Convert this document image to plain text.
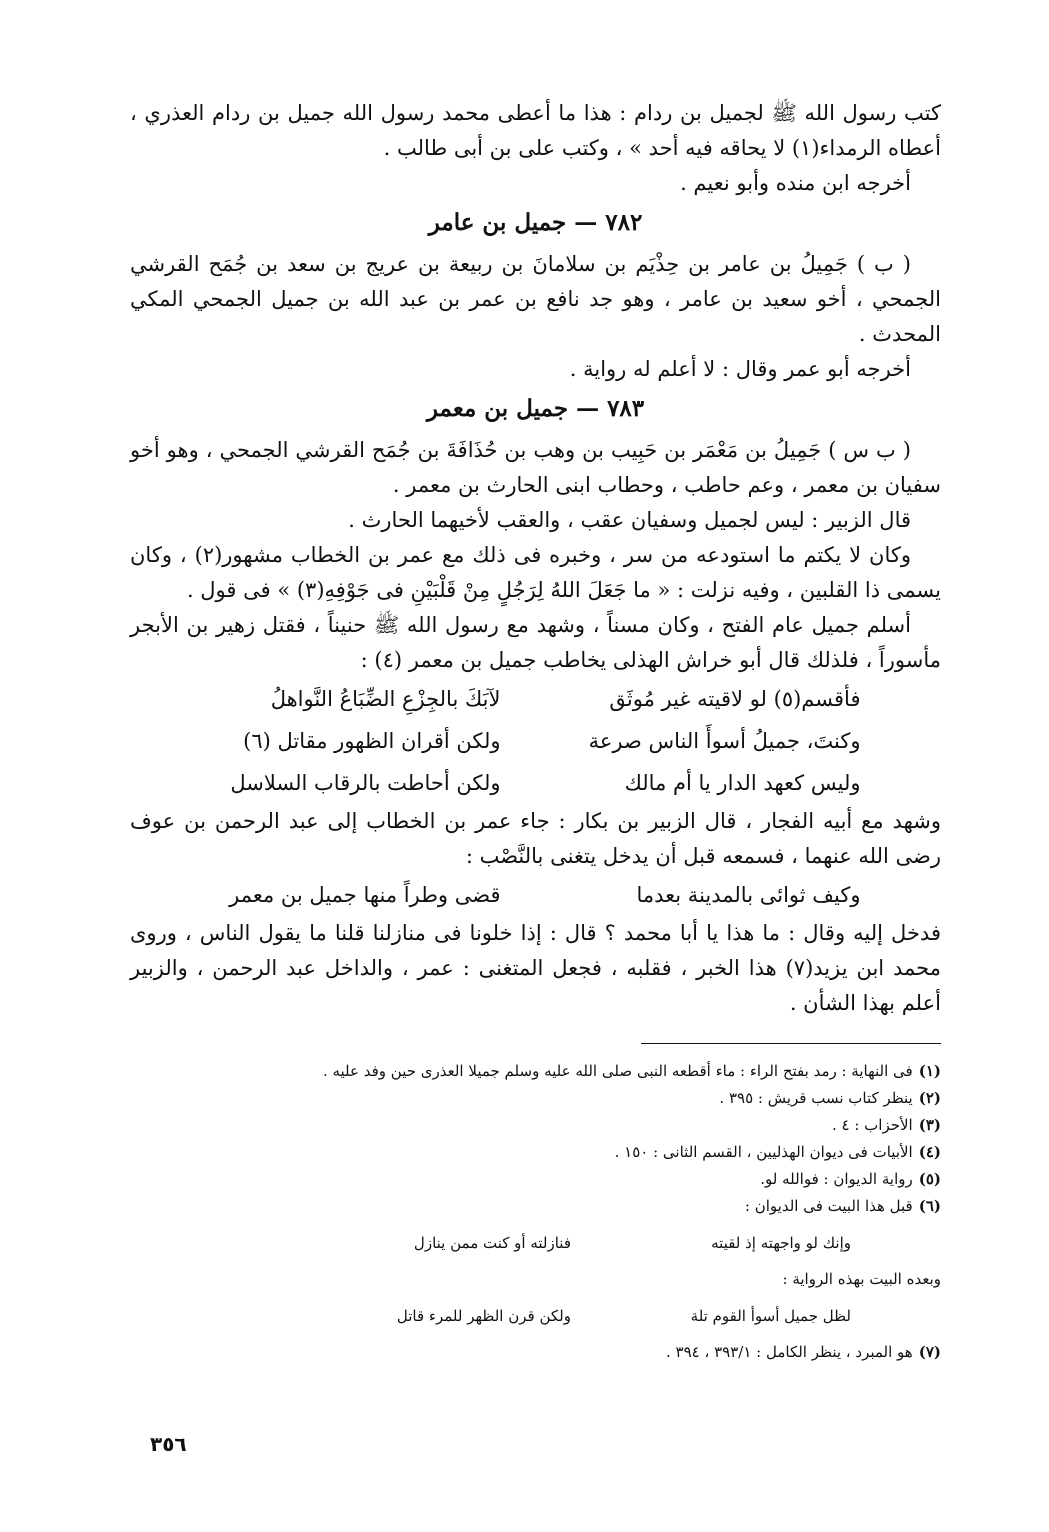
كتب رسول الله ﷺ لجميل بن ردام : هذا ما أعطى محمد رسول الله جميل بن ردام العذري ، أعطاه الرمداء(١) لا يحاقه فيه أحد » ، وكتب على بن أبى طالب .

أخرجه ابن منده وأبو نعيم .

٧٨٢ — جميل بن عامر

( ب ) جَمِيلُ بن عامر بن حِذْيَم بن سلامانَ بن ربيعة بن عريج بن سعد بن جُمَح القرشي الجمحي ، أخو سعيد بن عامر ، وهو جد نافع بن عمر بن عبد الله بن جميل الجمحي المكي المحدث .

أخرجه أبو عمر وقال : لا أعلم له رواية .

٧٨٣ — جميل بن معمر

( ب س ) جَمِيلُ بن مَعْمَر بن حَبِيب بن وهب بن حُذَافَةَ بن جُمَح القرشي الجمحي ، وهو أخو سفيان بن معمر ، وعم حاطب ، وحطاب ابنى الحارث بن معمر .

قال الزبير : ليس لجميل وسفيان عقب ، والعقب لأخيهما الحارث .

وكان لا يكتم ما استودعه من سر ، وخبره فى ذلك مع عمر بن الخطاب مشهور(٢) ، وكان يسمى ذا القلبين ، وفيه نزلت : « ما جَعَلَ اللهُ لِرَجُلٍ مِنْ قَلْبَيْنِ فى جَوْفِهِ(٣) » فى قول .

أسلم جميل عام الفتح ، وكان مسناً ، وشهد مع رسول الله ﷺ حنيناً ، فقتل زهير بن الأبجر مأسوراً ، فلذلك قال أبو خراش الهذلى يخاطب جميل بن معمر (٤) :

فأقسم(٥) لو لاقيته غير مُوثَق
لآبَكَ بالجِزْعِ الضِّبَاعُ النَّواهلُ
وكنتَ، جميلُ أسوأَ الناس صرعة
ولكن أقران الظهور مقاتل (٦)
وليس كعهد الدار يا أم مالك
ولكن أحاطت بالرقاب السلاسل

وشهد مع أبيه الفجار ، قال الزبير بن بكار : جاء عمر بن الخطاب إلى عبد الرحمن بن عوف رضى الله عنهما ، فسمعه قبل أن يدخل يتغنى بالنَّصْب :

وكيف ثوائى بالمدينة بعدما
قضى وطراً منها جميل بن معمر

فدخل إليه وقال : ما هذا يا أبا محمد ؟ قال : إذا خلونا فى منازلنا قلنا ما يقول الناس ، وروى محمد ابن يزيد(٧) هذا الخبر ، فقلبه ، فجعل المتغنى : عمر ، والداخل عبد الرحمن ، والزبير أعلم بهذا الشأن .

(١)فى النهاية : رمد بفتح الراء : ماء أقطعه النبى صلى الله عليه وسلم جميلا العذرى حين وفد عليه .
(٢)ينظر كتاب نسب قريش : ٣٩٥ .
(٣)الأحزاب : ٤ .
(٤)الأبيات فى ديوان الهذليين ، القسم الثانى : ١٥٠ .
(٥)رواية الديوان : فوالله لو.
(٦)قبل هذا البيت فى الديوان :
وإنك لو واجهته إذ لقيته
فنازلته أو كنت ممن ينازل

وبعده البيت بهذه الرواية :

لظل جميل أسوأ القوم تلة
ولكن قرن الظهر للمرء قاتل
(٧)هو المبرد ، ينظر الكامل : ٣٩٣/١ ، ٣٩٤ .
٣٥٦
